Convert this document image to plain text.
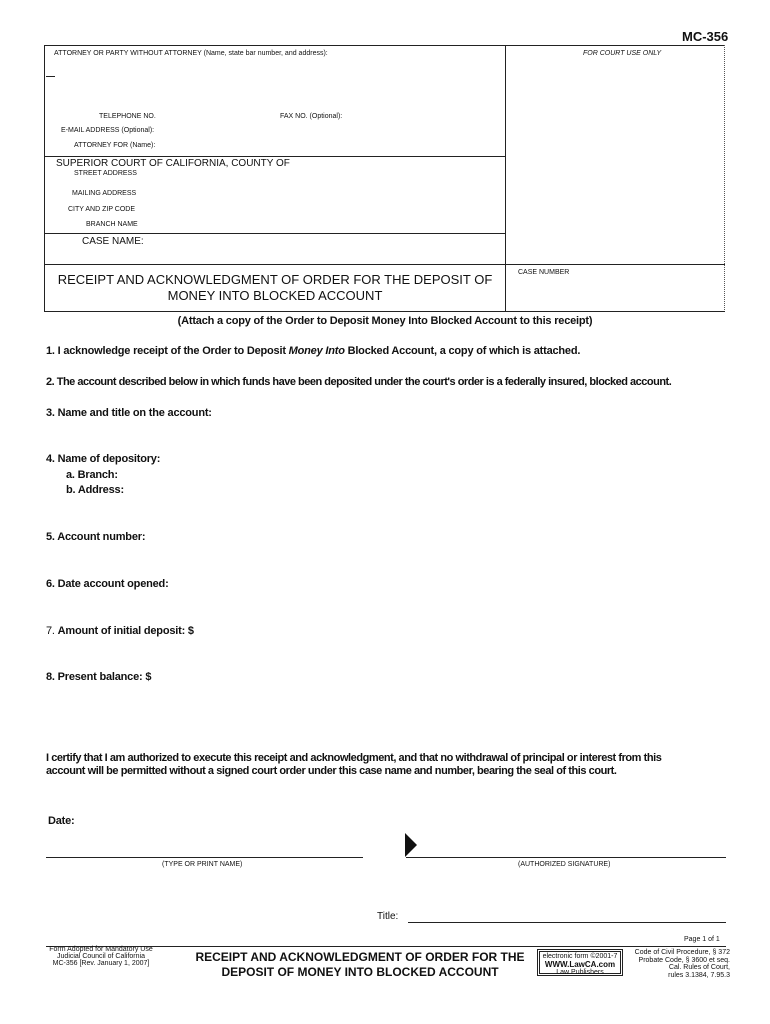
MC-356
ATTORNEY OR PARTY WITHOUT ATTORNEY (Name, state bar number, and address):	FOR COURT USE ONLY
TELEPHONE NO.	FAX NO. (Optional):
E-MAIL ADDRESS (Optional):
ATTORNEY FOR (Name):
SUPERIOR COURT OF CALIFORNIA, COUNTY OF
STREET ADDRESS
MAILING ADDRESS
CITY AND ZIP CODE
BRANCH NAME
CASE NAME:
RECEIPT AND ACKNOWLEDGMENT OF ORDER FOR THE DEPOSIT OF
MONEY INTO BLOCKED ACCOUNT
CASE NUMBER
(Attach a copy of the Order to Deposit Money Into Blocked Account to this receipt)
1. I acknowledge receipt of the Order to Deposit Money Into Blocked Account, a copy of which is attached.
2. The account described below in which funds have been deposited under the court's order is a federally insured, blocked account.
3. Name and title on the account:
4. Name of depository:
a. Branch:
b. Address:
5. Account number:
6. Date account opened:
7. Amount of initial deposit: $
8. Present balance: $
I certify that I am authorized to execute this receipt and acknowledgment, and that no withdrawal of principal or interest from this
account will be permitted without a signed court order under this case name and number, bearing the seal of this court.
Date:
(TYPE OR PRINT NAME)	(AUTHORIZED SIGNATURE)
Title:
Page 1 of 1
Form Adopted for Mandatory Use
Judicial Council of California
MC-356 [Rev. January 1, 2007]	RECEIPT AND ACKNOWLEDGMENT OF ORDER FOR THE
DEPOSIT OF MONEY INTO BLOCKED ACCOUNT
electronic form ©2001-7
WWW.LawCA.com
Law Publishers
Code of Civil Procedure, § 372
Probate Code, § 3600 et seq.
Cal. Rules of Court,
rules 3.1384, 7.95.3
